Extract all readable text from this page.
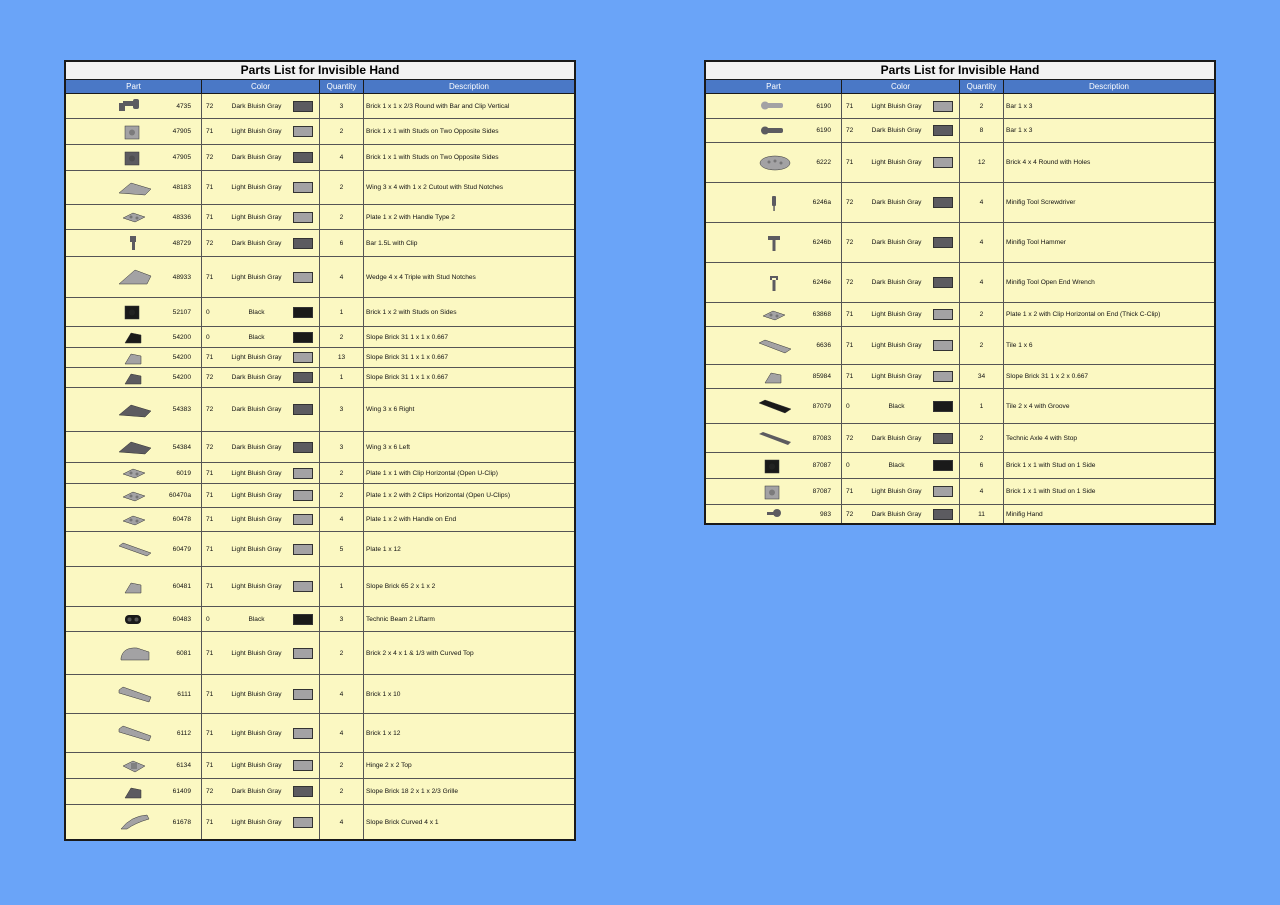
Parts List for Invisible Hand
Part	Color	Quantity	Description
4735	72	Dark Bluish Gray	3	Brick 1 x 1 x 2/3 Round with Bar and Clip Vertical
47905	71	Light Bluish Gray	2	Brick 1 x 1 with Studs on Two Opposite Sides
47905	72	Dark Bluish Gray	4	Brick 1 x 1 with Studs on Two Opposite Sides
48183	71	Light Bluish Gray	2	Wing 3 x 4 with 1 x 2 Cutout with Stud Notches
48336	71	Light Bluish Gray	2	Plate 1 x 2 with Handle Type 2
48729	72	Dark Bluish Gray	6	Bar 1.5L with Clip
48933	71	Light Bluish Gray	4	Wedge 4 x 4 Triple with Stud Notches
52107	0	Black	1	Brick 1 x 2 with Studs on Sides
54200	0	Black	2	Slope Brick 31 1 x 1 x 0.667
54200	71	Light Bluish Gray	13	Slope Brick 31 1 x 1 x 0.667
54200	72	Dark Bluish Gray	1	Slope Brick 31 1 x 1 x 0.667
54383	72	Dark Bluish Gray	3	Wing 3 x 6 Right
54384	72	Dark Bluish Gray	3	Wing 3 x 6 Left
6019	71	Light Bluish Gray	2	Plate 1 x 1 with Clip Horizontal (Open U-Clip)
60470a	71	Light Bluish Gray	2	Plate 1 x 2 with 2 Clips Horizontal (Open U-Clips)
60478	71	Light Bluish Gray	4	Plate 1 x 2 with Handle on End
60479	71	Light Bluish Gray	5	Plate 1 x 12
60481	71	Light Bluish Gray	1	Slope Brick 65 2 x 1 x 2
60483	0	Black	3	Technic Beam 2 Liftarm
6081	71	Light Bluish Gray	2	Brick 2 x 4 x 1 & 1/3 with Curved Top
6111	71	Light Bluish Gray	4	Brick 1 x 10
6112	71	Light Bluish Gray	4	Brick 1 x 12
6134	71	Light Bluish Gray	2	Hinge 2 x 2 Top
61409	72	Dark Bluish Gray	2	Slope Brick 18 2 x 1 x 2/3 Grille
61678	71	Light Bluish Gray	4	Slope Brick Curved 4 x 1
Parts List for Invisible Hand
Part	Color	Quantity	Description
6190	71	Light Bluish Gray	2	Bar 1 x 3
6190	72	Dark Bluish Gray	8	Bar 1 x 3
6222	71	Light Bluish Gray	12	Brick 4 x 4 Round with Holes
6246a	72	Dark Bluish Gray	4	Minifig Tool Screwdriver
6246b	72	Dark Bluish Gray	4	Minifig Tool Hammer
6246e	72	Dark Bluish Gray	4	Minifig Tool Open End Wrench
63868	71	Light Bluish Gray	2	Plate 1 x 2 with Clip Horizontal on End (Thick C-Clip)
6636	71	Light Bluish Gray	2	Tile 1 x 6
85984	71	Light Bluish Gray	34	Slope Brick 31 1 x 2 x 0.667
87079	0	Black	1	Tile 2 x 4 with Groove
87083	72	Dark Bluish Gray	2	Technic Axle 4 with Stop
87087	0	Black	6	Brick 1 x 1 with Stud on 1 Side
87087	71	Light Bluish Gray	4	Brick 1 x 1 with Stud on 1 Side
983	72	Dark Bluish Gray	11	Minifig Hand
